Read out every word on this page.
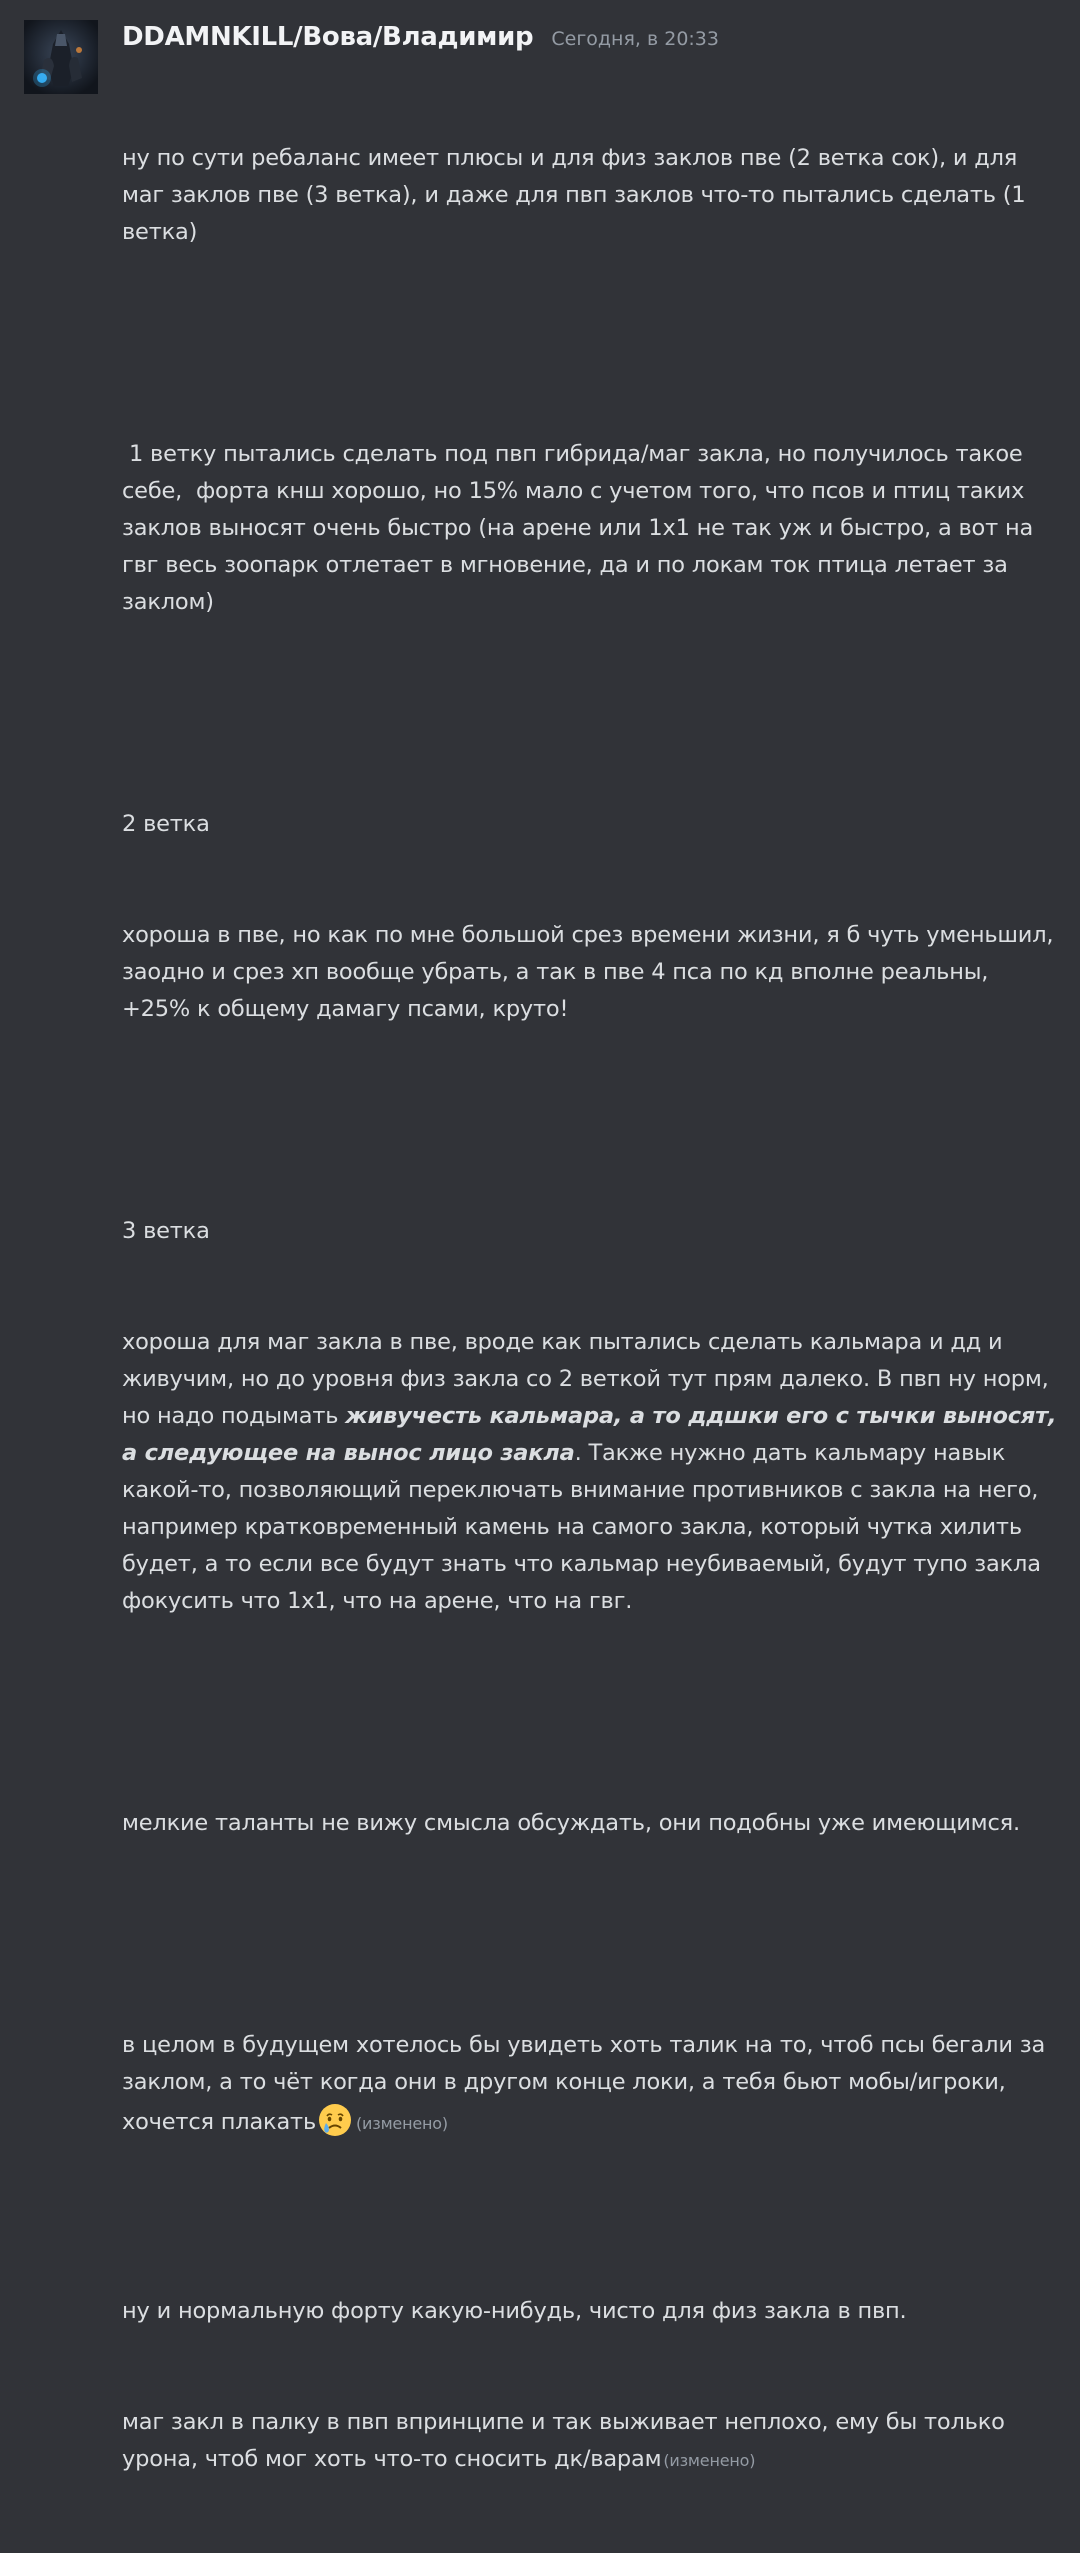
DDAMNKILL/Вова/Владимир Сегодня, в 20:33

ну по сути ребаланс имеет плюсы и для физ заклов пве (2 ветка сок), и для маг заклов пве (3 ветка), и даже для пвп заклов что-то пытались сделать (1 ветка)

1 ветку пытались сделать под пвп гибрида/маг закла, но получилось такое себе,  форта кнш хорошо, но 15% мало с учетом того, что псов и птиц таких заклов выносят очень быстро (на арене или 1х1 не так уж и быстро, а вот на гвг весь зоопарк отлетает в мгновение, да и по локам ток птица летает за заклом)

2 ветка

хороша в пве, но как по мне большой срез времени жизни, я б чуть уменьшил, заодно и срез хп вообще убрать, а так в пве 4 пса по кд вполне реальны, +25% к общему дамагу псами, круто!

3 ветка

хороша для маг закла в пве, вроде как пытались сделать кальмара и дд и живучим, но до уровня физ закла со 2 веткой тут прям далеко. В пвп ну норм, но надо подымать живучесть кальмара, а то ддшки его с тычки выносят, а следующее на вынос лицо закла. Также нужно дать кальмару навык какой-то, позволяющий переключать внимание противников с закла на него, например кратковременный камень на самого закла, который чутка хилить будет, а то если все будут знать что кальмар неубиваемый, будут тупо закла фокусить что 1х1, что на арене, что на гвг.

мелкие таланты не вижу смысла обсуждать, они подобны уже имеющимся.

в целом в будущем хотелось бы увидеть хоть талик на то, чтоб псы бегали за заклом, а то чёт когда они в другом конце локи, а тебя бьют мобы/игроки, хочется плакать	(изменено)

ну и нормальную форту какую-нибудь, чисто для физ закла в пвп.

маг закл в палку в пвп впринципе и так выживает неплохо, ему бы только урона, чтоб мог хоть что-то сносить дк/варам (изменено)
